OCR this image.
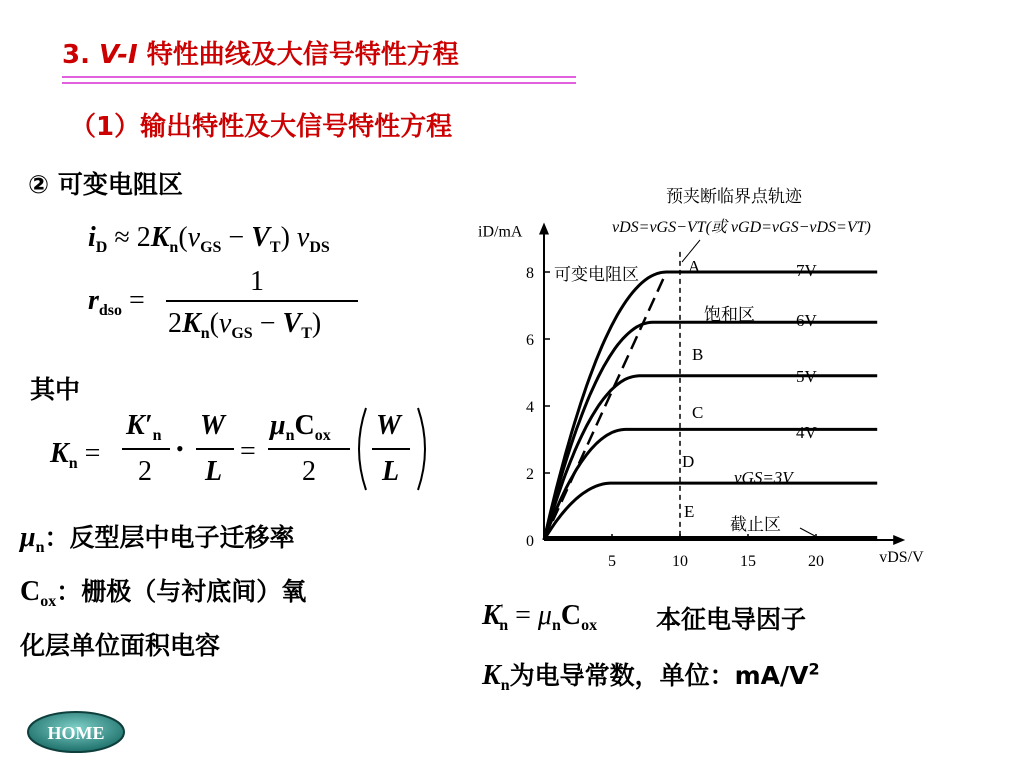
3. V-I 特性曲线及大信号特性方程
（1）输出特性及大信号特性方程
② 可变电阻区
$i_D \approx 2K_n(v_{GS} - V_T)$ $v_{DS}$
$r_{dso}$ =
1
$2K_n(v_{GS} - V_T)$
其中
$K_n$ =
$K'_n$
2
•
W
L
=
$\mu_nC_{ox}$
2
W
L
$\mu_n$：反型层中电子迁移率
$C_{ox}$：栅极（与衬底间）氧
化层单位面积电容
$K'_n = \mu_nC_{ox}$ 本征电导因子
$K_n$为电导常数，单位：$mA/V^2$
HOME
0
2
4
6
8
5	10	15	20
iD/mA
vDS/V
预夹断临界点轨迹
vDS=vGS−VT(或 vGD=vGS−vDS=VT)
可变电阻区
饱和区
截止区
A
B
C
D
E
7V
6V
5V
4V
vGS=3V
